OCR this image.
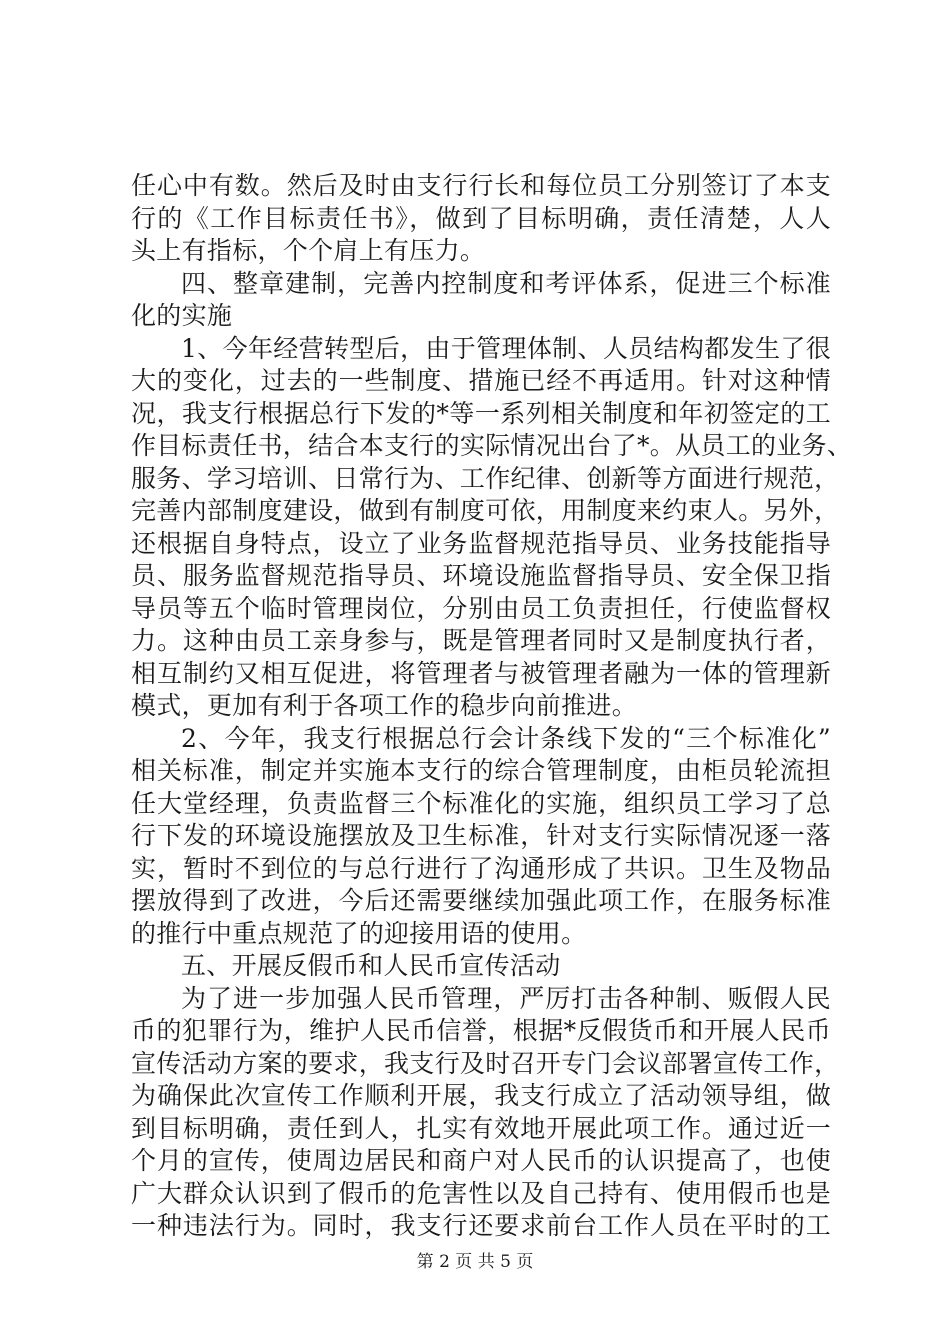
任心中有数。然后及时由支行行长和每位员工分别签订了本支
行的《工作目标责任书》，做到了目标明确，责任清楚，人人
头上有指标，个个肩上有压力。
四、整章建制，完善内控制度和考评体系，促进三个标准
化的实施
1、今年经营转型后，由于管理体制、人员结构都发生了很
大的变化，过去的一些制度、措施已经不再适用。针对这种情
况，我支行根据总行下发的*等一系列相关制度和年初签定的工
作目标责任书，结合本支行的实际情况出台了*。从员工的业务、
服务、学习培训、日常行为、工作纪律、创新等方面进行规范，
完善内部制度建设，做到有制度可依，用制度来约束人。另外，
还根据自身特点，设立了业务监督规范指导员、业务技能指导
员、服务监督规范指导员、环境设施监督指导员、安全保卫指
导员等五个临时管理岗位，分别由员工负责担任，行使监督权
力。这种由员工亲身参与，既是管理者同时又是制度执行者，
相互制约又相互促进，将管理者与被管理者融为一体的管理新
模式，更加有利于各项工作的稳步向前推进。
2、今年，我支行根据总行会计条线下发的“三个标准化”
相关标准，制定并实施本支行的综合管理制度，由柜员轮流担
任大堂经理，负责监督三个标准化的实施，组织员工学习了总
行下发的环境设施摆放及卫生标准，针对支行实际情况逐一落
实，暂时不到位的与总行进行了沟通形成了共识。卫生及物品
摆放得到了改进，今后还需要继续加强此项工作，在服务标准
的推行中重点规范了的迎接用语的使用。
五、开展反假币和人民币宣传活动
为了进一步加强人民币管理，严厉打击各种制、贩假人民
币的犯罪行为，维护人民币信誉，根据*反假货币和开展人民币
宣传活动方案的要求，我支行及时召开专门会议部署宣传工作，
为确保此次宣传工作顺利开展，我支行成立了活动领导组，做
到目标明确，责任到人，扎实有效地开展此项工作。通过近一
个月的宣传，使周边居民和商户对人民币的认识提高了，也使
广大群众认识到了假币的危害性以及自己持有、使用假币也是
一种违法行为。同时，我支行还要求前台工作人员在平时的工
第 2 页 共 5 页
